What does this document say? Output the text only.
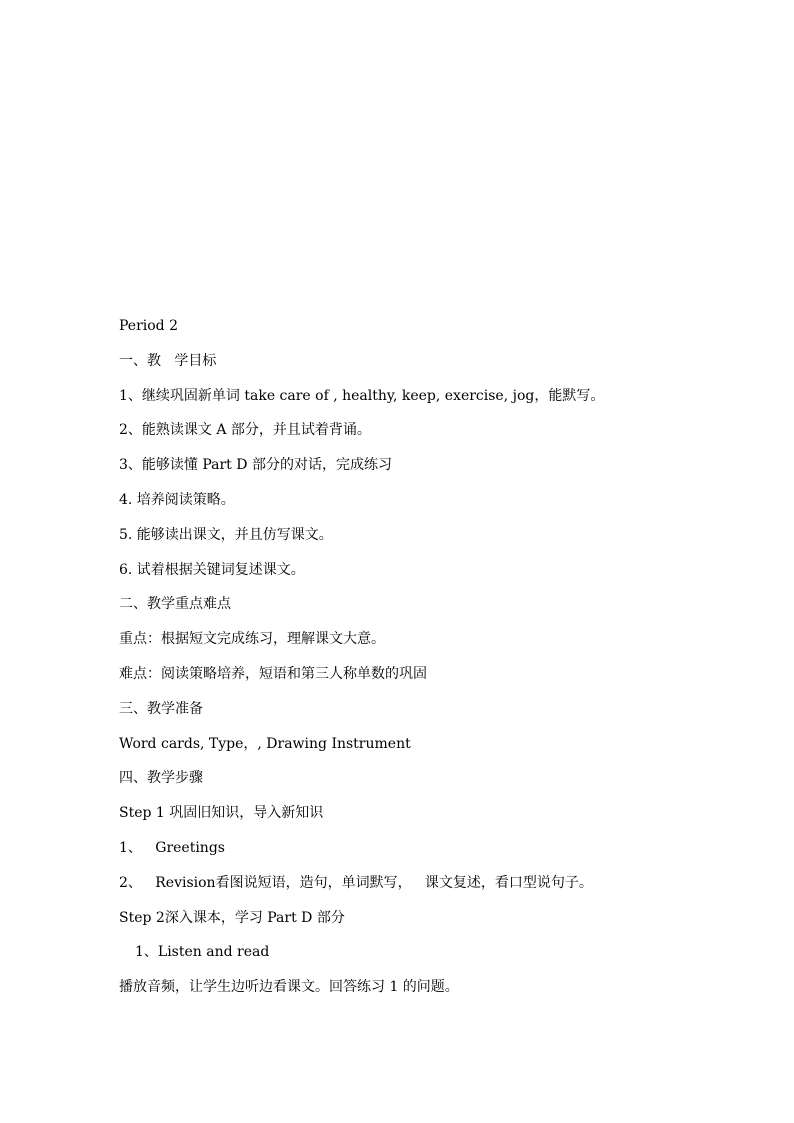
Period 2
一、教   学目标
1、继续巩固新单词 take care of , healthy, keep, exercise, jog，能默写。
2、能熟读课文 A 部分，并且试着背诵。
3、能够读懂 Part D 部分的对话，完成练习
4. 培养阅读策略。
5. 能够读出课文，并且仿写课文。
6. 试着根据关键词复述课文。
二、教学重点难点
重点：根据短文完成练习，理解课文大意。
难点：阅读策略培养，短语和第三人称单数的巩固
三、教学准备
Word cards, Type，, Drawing Instrument
四、教学步骤
Step 1 巩固旧知识，导入新知识
1、   Greetings
2、   Revision看图说短语，造句，单词默写，   课文复述，看口型说句子。
Step 2深入课本，学习 Part D 部分
1、Listen and read
播放音频，让学生边听边看课文。回答练习 1 的问题。
